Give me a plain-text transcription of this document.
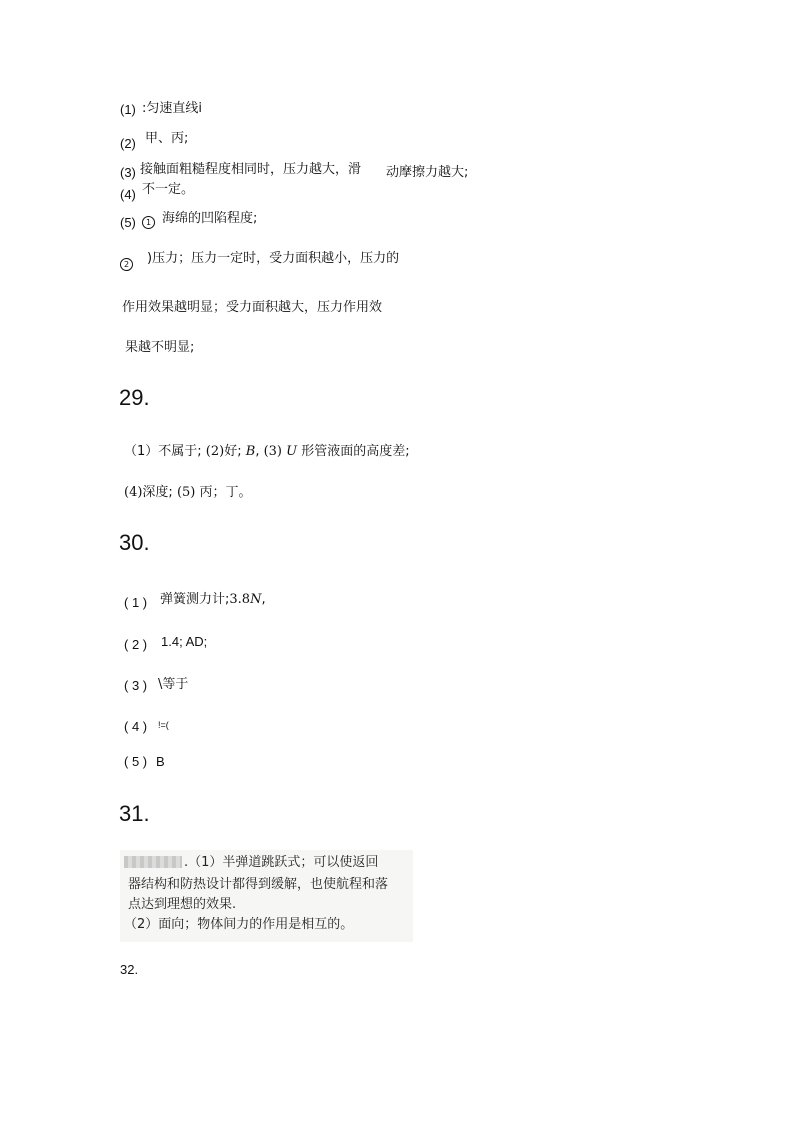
(1) :匀速直线i
(2) 甲、丙;
(3) 接触面粗糙程度相同时，压力越大，滑 动摩擦力越大;
(4) 不一定。
(5)	1 海绵的凹陷程度;
2	)压力；压力一定时，受力面积越小，压力的
作用效果越明显；受力面积越大，压力作用效
果越不明显;
29.
（1）不属于; (2)好; B, (3) U 形管液面的高度差;
(4)深度; (5) 丙；丁。
30.
( 1 ) 弹簧测力计;3.8N,
( 2 ) 1.4; AD;
( 3 ) \等于
( 4 ) !=(
( 5 ) B
31.
.（1）半弹道跳跃式；可以使返回
器结构和防热设计都得到缓解，也使航程和落
点达到理想的效果.
（2）面向；物体间力的作用是相互的。
32.
